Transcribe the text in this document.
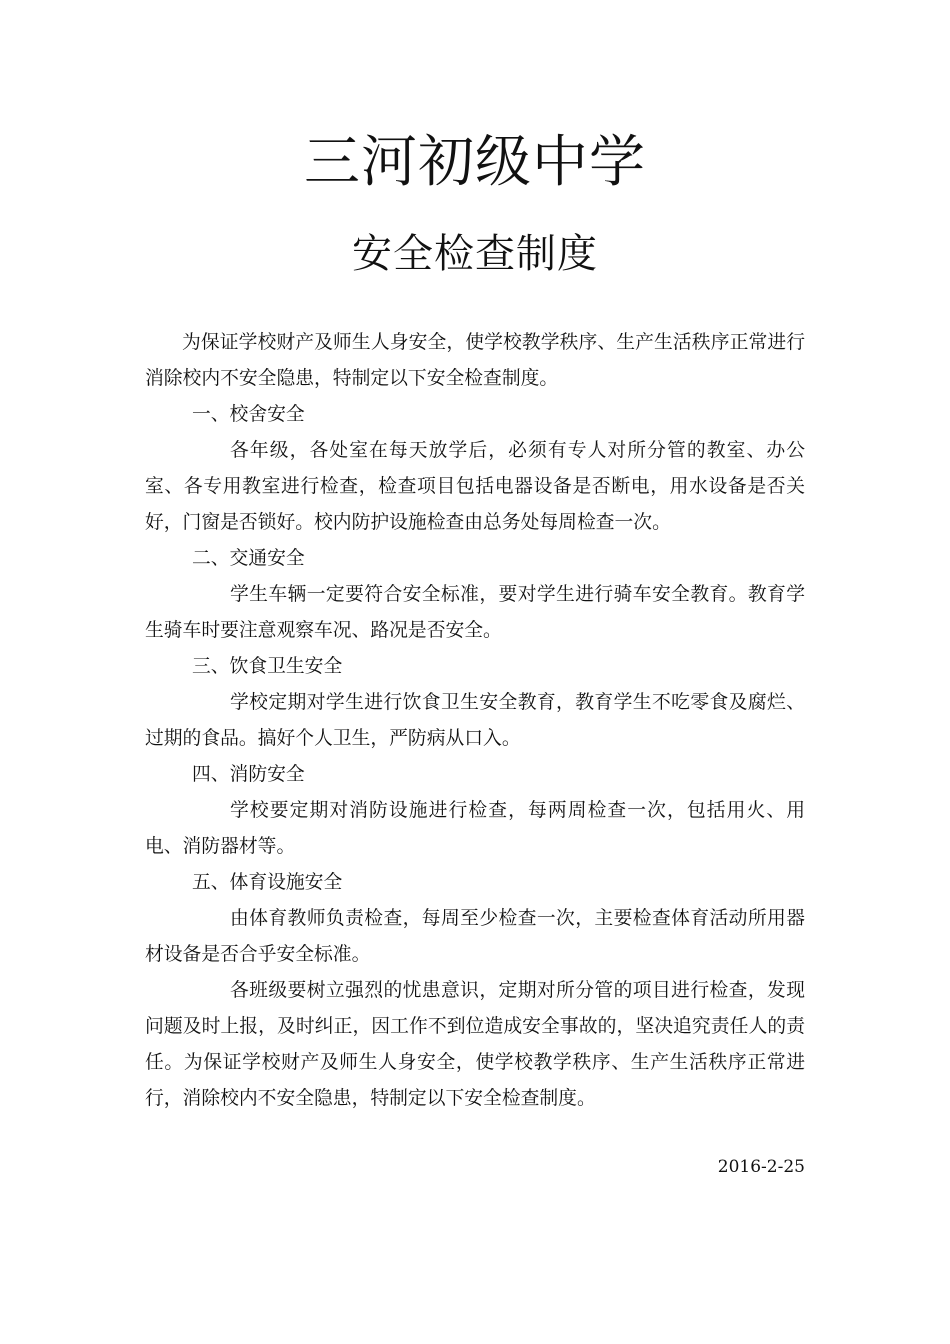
三河初级中学
安全检查制度

为保证学校财产及师生人身安全，使学校教学秩序、生产生活秩序正常进行消除校内不安全隐患，特制定以下安全检查制度。

一、校舍安全

各年级，各处室在每天放学后，必须有专人对所分管的教室、办公室、各专用教室进行检查，检查项目包括电器设备是否断电，用水设备是否关好，门窗是否锁好。校内防护设施检查由总务处每周检查一次。

二、交通安全

学生车辆一定要符合安全标准，要对学生进行骑车安全教育。教育学生骑车时要注意观察车况、路况是否安全。

三、饮食卫生安全

学校定期对学生进行饮食卫生安全教育，教育学生不吃零食及腐烂、过期的食品。搞好个人卫生，严防病从口入。

四、消防安全

学校要定期对消防设施进行检查，每两周检查一次，包括用火、用电、消防器材等。

五、体育设施安全

由体育教师负责检查，每周至少检查一次，主要检查体育活动所用器材设备是否合乎安全标准。

各班级要树立强烈的忧患意识，定期对所分管的项目进行检查，发现问题及时上报，及时纠正，因工作不到位造成安全事故的，坚决追究责任人的责任。为保证学校财产及师生人身安全，使学校教学秩序、生产生活秩序正常进行，消除校内不安全隐患，特制定以下安全检查制度。

2016-2-25
